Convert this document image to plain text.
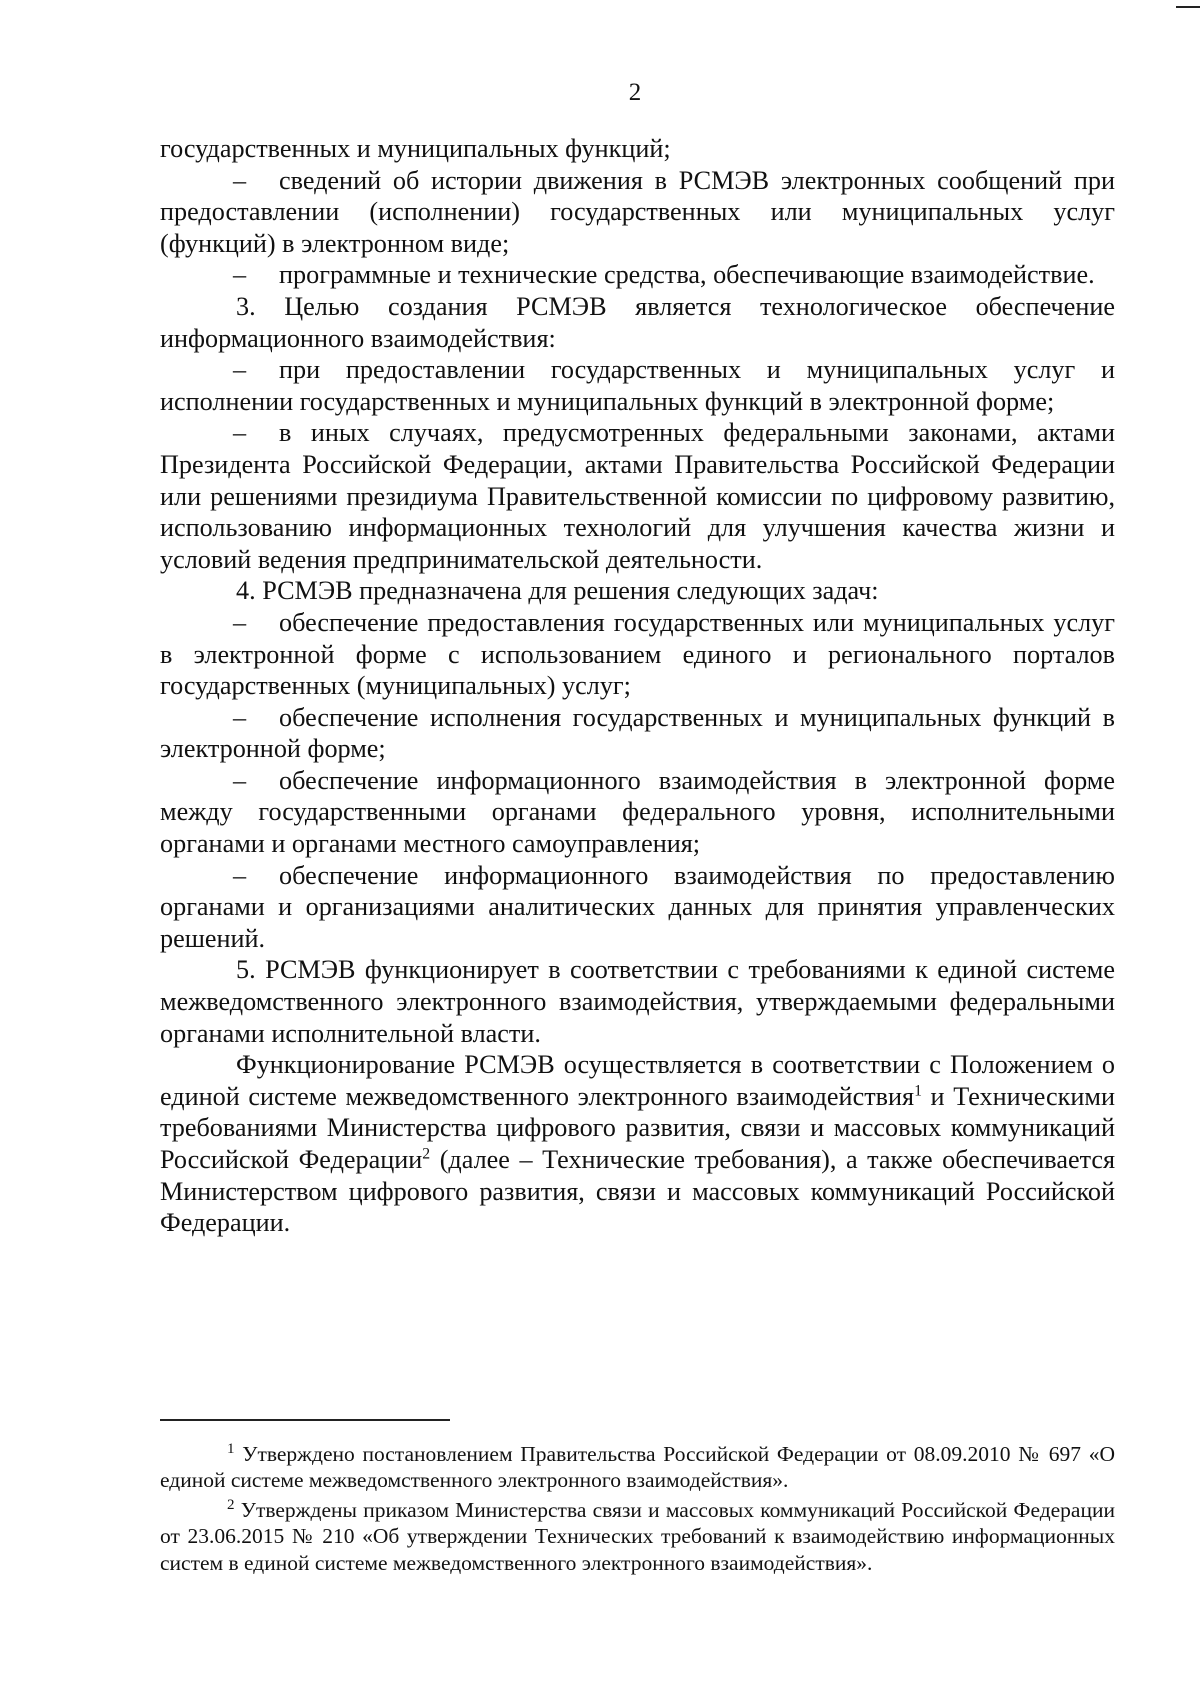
2

государственных и муниципальных функций;

– сведений об истории движения в РСМЭВ электронных сообщений при предоставлении (исполнении) государственных или муниципальных услуг (функций) в электронном виде;

– программные и технические средства, обеспечивающие взаимодействие.

3. Целью создания РСМЭВ является технологическое обеспечение информационного взаимодействия:

– при предоставлении государственных и муниципальных услуг и исполнении государственных и муниципальных функций в электронной форме;

– в иных случаях, предусмотренных федеральными законами, актами Президента Российской Федерации, актами Правительства Российской Федерации или решениями президиума Правительственной комиссии по цифровому развитию, использованию информационных технологий для улучшения качества жизни и условий ведения предпринимательской деятельности.

4. РСМЭВ предназначена для решения следующих задач:

– обеспечение предоставления государственных или муниципальных услуг в электронной форме с использованием единого и регионального порталов государственных (муниципальных) услуг;

– обеспечение исполнения государственных и муниципальных функций в электронной форме;

– обеспечение информационного взаимодействия в электронной форме между государственными органами федерального уровня, исполнительными органами и органами местного самоуправления;

– обеспечение информационного взаимодействия по предоставлению органами и организациями аналитических данных для принятия управленческих решений.

5. РСМЭВ функционирует в соответствии с требованиями к единой системе межведомственного электронного взаимодействия, утверждаемыми федеральными органами исполнительной власти.

Функционирование РСМЭВ осуществляется в соответствии с Положением о единой системе межведомственного электронного взаимодействия$^1$ и Техническими требованиями Министерства цифрового развития, связи и массовых коммуникаций Российской Федерации$^2$ (далее – Технические требования), а также обеспечивается Министерством цифрового развития, связи и массовых коммуникаций Российской Федерации.

$^1$ Утверждено постановлением Правительства Российской Федерации от 08.09.2010 № 697 «О единой системе межведомственного электронного взаимодействия».

$^2$ Утверждены приказом Министерства связи и массовых коммуникаций Российской Федерации от 23.06.2015 № 210 «Об утверждении Технических требований к взаимодействию информационных систем в единой системе межведомственного электронного взаимодействия».
